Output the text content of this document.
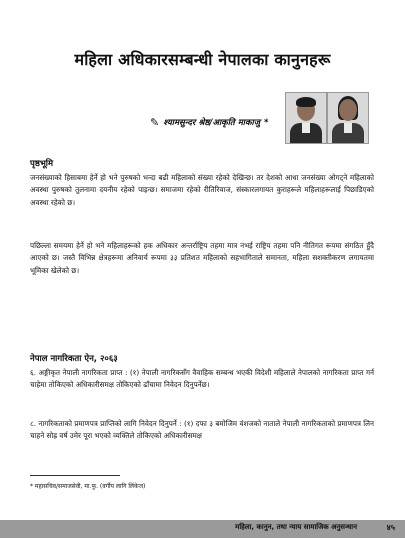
महिला अधिकारसम्बन्धी नेपालका कानुनहरू
✎ श्यामसुन्दर श्रेष्ठ/आकृति माकाजु *
पृष्ठभूमि
जनसंख्याको हिसाबमा हेर्ने हो भने पुरुषको भन्दा बढी महिलाको संख्या रहेको देखिन्छ। तर देशको आधा जनसंख्या ओगट्ने महिलाको अवस्था पुरुषको तुलनामा दयनीय रहेको पाइन्छ। समाजमा रहेको रीतिरिवाज, संस्कारलगायत कुराहरूले महिलाहरूलाई पिछाडिएको अवस्था रहेको छ।
पछिल्ला समयमा हेर्ने हो भने महिलाहरूको हक अधिकार अन्तर्राष्ट्रिय तहमा मात्र नभई राष्ट्रिय तहमा पनि नीतिगत रूपमा संगठित हुँदै आएको छ। जस्तै विभिन्न क्षेत्रहरूमा अनिवार्य रूपमा ३३ प्रतिशत महिलाको सहभागिताले समानता, महिला सशक्तीकरण लगायतमा भूमिका खेलेको छ।
नेपाल नागरिकता ऐन, २०६३
६. अङ्गीकृत नेपाली नागरिकता प्राप्त : (१) नेपाली नागरिकसँग वैवाहिक सम्बन्ध भएकी विदेशी महिलाले नेपालको नागरिकता प्राप्त गर्न चाहेमा तोकिएको अधिकारीसमक्ष तोकिएको ढाँचामा निवेदन दिनुपर्नेछ।
८. नागरिकताको प्रमाणपत्र प्राप्तिको लागि निवेदन दिनुपर्ने : (१) दफा ३ बमोजिम वंशजको नाताले नेपाली नागरिकताको प्रमाणपत्र लिन चाहने सोह्र वर्ष उमेर पूरा भएको व्यक्तिले तोकिएको अधिकारीसमक्ष
* महासचिव/समाजसेवी, मा.फु. (वर्गीय लागि लिंकेज)
महिला, कानुन, तथा न्याय सामाजिक अनुसन्धान	४५
